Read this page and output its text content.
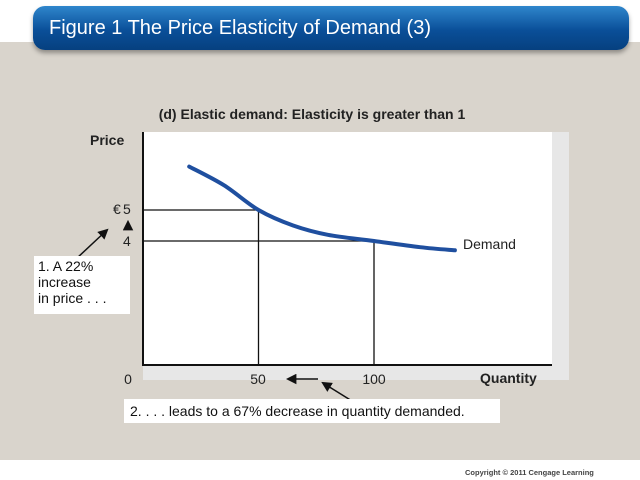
Figure 1 The Price Elasticity of Demand (3)
(d) Elastic demand: Elasticity is greater than 1
Price
Quantity
Demand
€ 5
4
0	50	100
1. A 22%
increase
in price . . .
2. . . . leads to a 67% decrease in quantity demanded.
Copyright © 2011 Cengage Learning
